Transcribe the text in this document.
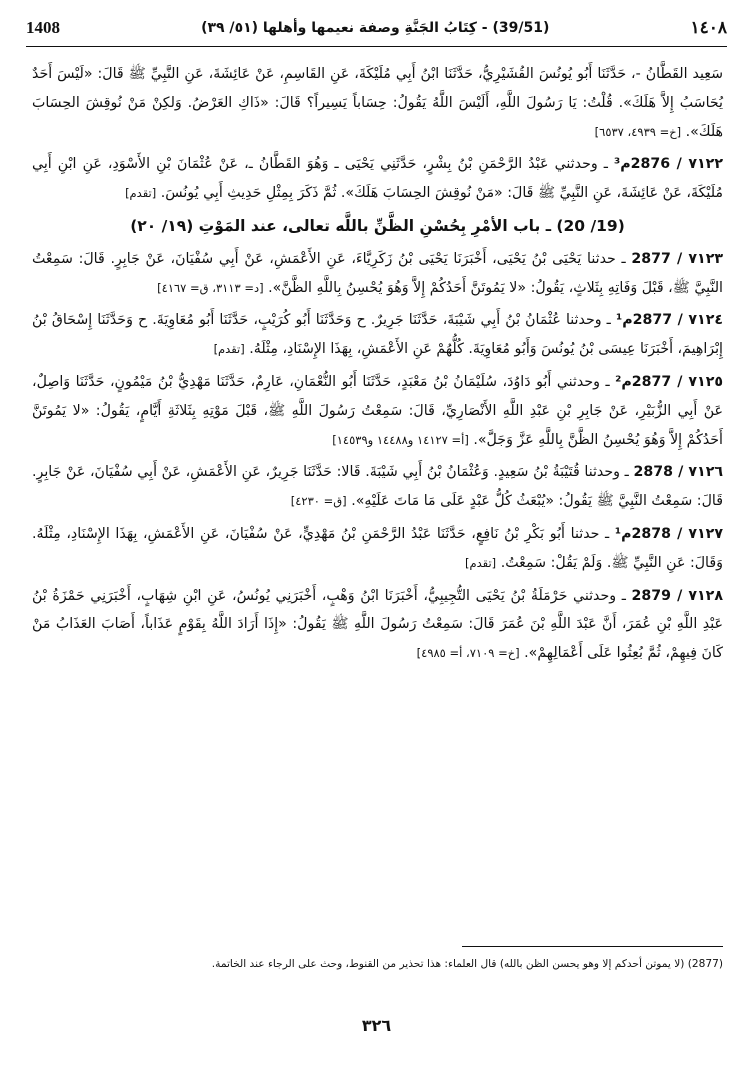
1408	(39/51) - كِتَابُ الجَنَّةِ وصفة نعيمها وأهلها (٥١/ ٣٩)	١٤٠٨

سَعِيد القَطَّانُ -، حَدَّثَنَا أَبُو يُونُسَ القُشَيْرِيُّ، حَدَّثَنَا ابْنُ أَبِي مُلَيْكَةَ، عَنِ القَاسِمِ، عَنْ عَائِشَةَ، عَنِ النَّبِيِّ ﷺ قَالَ: «لَيْسَ أَحَدٌ يُحَاسَبُ إِلاَّ هَلَكَ». قُلْتُ: يَا رَسُولَ اللَّهِ، أَلَيْسَ اللَّهُ يَقُولُ: حِسَاباً يَسِيراً؟ قَالَ: «ذَاكِ العَرْضُ. وَلكِنْ مَنْ نُوقِشَ الحِسَابَ هَلَكَ». [خ= ٤٩٣٩، ٦٥٣٧]

٧١٢٢ / 2876م³ ـ وحدثني عَبْدُ الرَّحْمَنِ بْنُ بِشْرٍ، حَدَّثَنِي يَحْيَى ـ وَهُوَ القَطَّانُ ـ، عَنْ عُثْمَانَ بْنِ الأَسْوَدِ، عَنِ ابْنِ أَبِي مُلَيْكَةَ، عَنْ عَائِشَةَ، عَنِ النَّبِيِّ ﷺ قَالَ: «مَنْ نُوقِشَ الحِسَابَ هَلَكَ». ثُمَّ ذَكَرَ بِمِثْلِ حَدِيثِ أَبِي يُونُسَ. [تقدم]

(19/ 20) ـ باب الأمْرِ بِحُسْنِ الظَّنِّ باللَّه تعالى، عند المَوْتِ (١٩/ ٢٠)

٧١٢٣ / 2877 ـ حدثنا يَحْيَى بْنُ يَحْيَى، أَخْبَرَنَا يَحْيَى بْنُ زَكَرِيَّاءَ، عَنِ الأَعْمَشِ، عَنْ أَبِي سُفْيَانَ، عَنْ جَابِرٍ. قَالَ: سَمِعْتُ النَّبِيَّ ﷺ، قَبْلَ وَفَاتِهِ بِثَلاثٍ، يَقُولُ: «لا يَمُوتَنَّ أَحَدُكُمْ إِلاَّ وَهُوَ يُحْسِنُ بِاللَّهِ الظَّنَّ». [د= ٣١١٣، ق= ٤١٦٧]

٧١٢٤ / 2877م¹ ـ وحدثنا عُثْمَانُ بْنُ أَبِي شَيْبَةَ، حَدَّثَنَا جَرِيرٌ. ح وَحَدَّثَنَا أَبُو كُرَيْبٍ، حَدَّثَنَا أَبُو مُعَاوِيَةَ. ح وَحَدَّثَنَا إِسْحَاقُ بْنُ إِبْرَاهِيمَ، أَخْبَرَنَا عِيسَى بْنُ يُونُسَ وَأَبُو مُعَاوِيَةَ. كُلُّهُمْ عَنِ الأَعْمَشِ، بِهَذَا الإِسْنَادِ، مِثْلَهُ. [تقدم]

٧١٢٥ / 2877م² ـ وحدثني أَبُو دَاوُدَ، سُلَيْمَانُ بْنُ مَعْبَدٍ، حَدَّثَنَا أَبُو النُّعْمَانِ، عَارِمٌ، حَدَّثَنَا مَهْدِيُّ بْنُ مَيْمُونٍ، حَدَّثَنَا وَاصِلٌ، عَنْ أَبِي الزُّبَيْرِ، عَنْ جَابِرِ بْنِ عَبْدِ اللَّهِ الأَنْصَارِيِّ، قَالَ: سَمِعْتُ رَسُولَ اللَّهِ ﷺ، قَبْلَ مَوْتِهِ بِثَلاثَةِ أَيَّامٍ، يَقُولُ: «لا يَمُوتَنَّ أَحَدُكُمْ إِلاَّ وَهُوَ يُحْسِنُ الظَّنَّ بِاللَّهِ عَزَّ وَجَلَّ». [أ= ١٤١٢٧ و١٤٤٨٨ و١٤٥٣٩]

٧١٢٦ / 2878 ـ وحدثنا قُتَيْبَةُ بْنُ سَعِيدٍ. وَعُثْمَانُ بْنُ أَبِي شَيْبَةَ. قَالا: حَدَّثَنَا جَرِيرٌ، عَنِ الأَعْمَشِ، عَنْ أَبِي سُفْيَانَ، عَنْ جَابِرٍ. قَالَ: سَمِعْتُ النَّبِيَّ ﷺ يَقُولُ: «يُبْعَثُ كُلُّ عَبْدٍ عَلَى مَا مَاتَ عَلَيْهِ». [ق= ٤٢٣٠]

٧١٢٧ / 2878م¹ ـ حدثنا أَبُو بَكْرِ بْنُ نَافِعٍ، حَدَّثَنَا عَبْدُ الرَّحْمَنِ بْنُ مَهْدِيٍّ، عَنْ سُفْيَانَ، عَنِ الأَعْمَشِ، بِهَذَا الإِسْنَادِ، مِثْلَهُ. وَقَالَ: عَنِ النَّبِيِّ ﷺ. وَلَمْ يَقُلْ: سَمِعْتُ. [تقدم]

٧١٢٨ / 2879 ـ وحدثني حَرْمَلَةُ بْنُ يَحْيَى التُّجِيبِيُّ، أَخْبَرَنَا ابْنُ وَهْبٍ، أَخْبَرَنِي يُونُسُ، عَنِ ابْنِ شِهَابٍ، أَخْبَرَنِي حَمْزَةُ بْنُ عَبْدِ اللَّهِ بْنِ عُمَرَ، أَنَّ عَبْدَ اللَّهِ بْنَ عُمَرَ قَالَ: سَمِعْتُ رَسُولَ اللَّهِ ﷺ يَقُولُ: «إِذَا أَرَادَ اللَّهُ بِقَوْمٍ عَذَاباً، أَصَابَ العَذَابُ مَنْ كَانَ فِيهِمْ، ثُمَّ بُعِثُوا عَلَى أَعْمَالِهِمْ». [خ= ٧١٠٩، أ= ٤٩٨٥]

(2877) (لا يموتن أحدكم إلا وهو يحسن الظن بالله) قال العلماء: هذا تحذير من القنوط، وحث على الرجاء عند الخاتمة.
٣٢٦
